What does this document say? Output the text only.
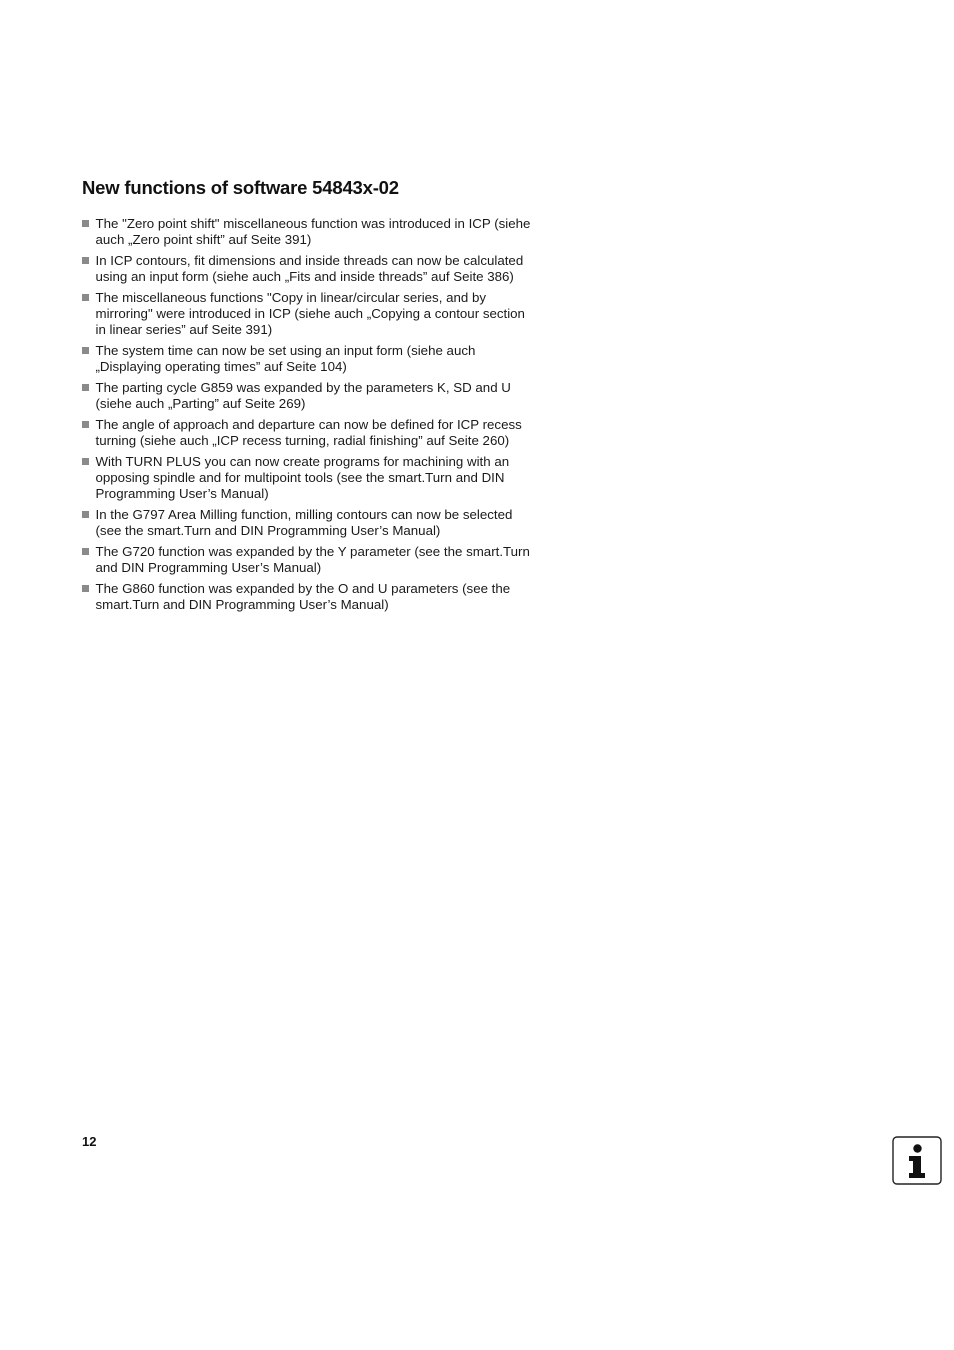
New functions of software 54843x-02
The "Zero point shift" miscellaneous function was introduced in ICP (siehe auch „Zero point shift” auf Seite 391)
In ICP contours, fit dimensions and inside threads can now be calculated using an input form (siehe auch „Fits and inside threads” auf Seite 386)
The miscellaneous functions "Copy in linear/circular series, and by mirroring" were introduced in ICP (siehe auch „Copying a contour section in linear series” auf Seite 391)
The system time can now be set using an input form (siehe auch „Displaying operating times” auf Seite 104)
The parting cycle G859 was expanded by the parameters K, SD and U (siehe auch „Parting” auf Seite 269)
The angle of approach and departure can now be defined for ICP recess turning (siehe auch „ICP recess turning, radial finishing” auf Seite 260)
With TURN PLUS you can now create programs for machining with an opposing spindle and for multipoint tools (see the smart.Turn and DIN Programming User’s Manual)
In the G797 Area Milling function, milling contours can now be selected (see the smart.Turn and DIN Programming User’s Manual)
The G720 function was expanded by the Y parameter (see the smart.Turn and DIN Programming User’s Manual)
The G860 function was expanded by the O and U parameters (see the smart.Turn and DIN Programming User’s Manual)
12
